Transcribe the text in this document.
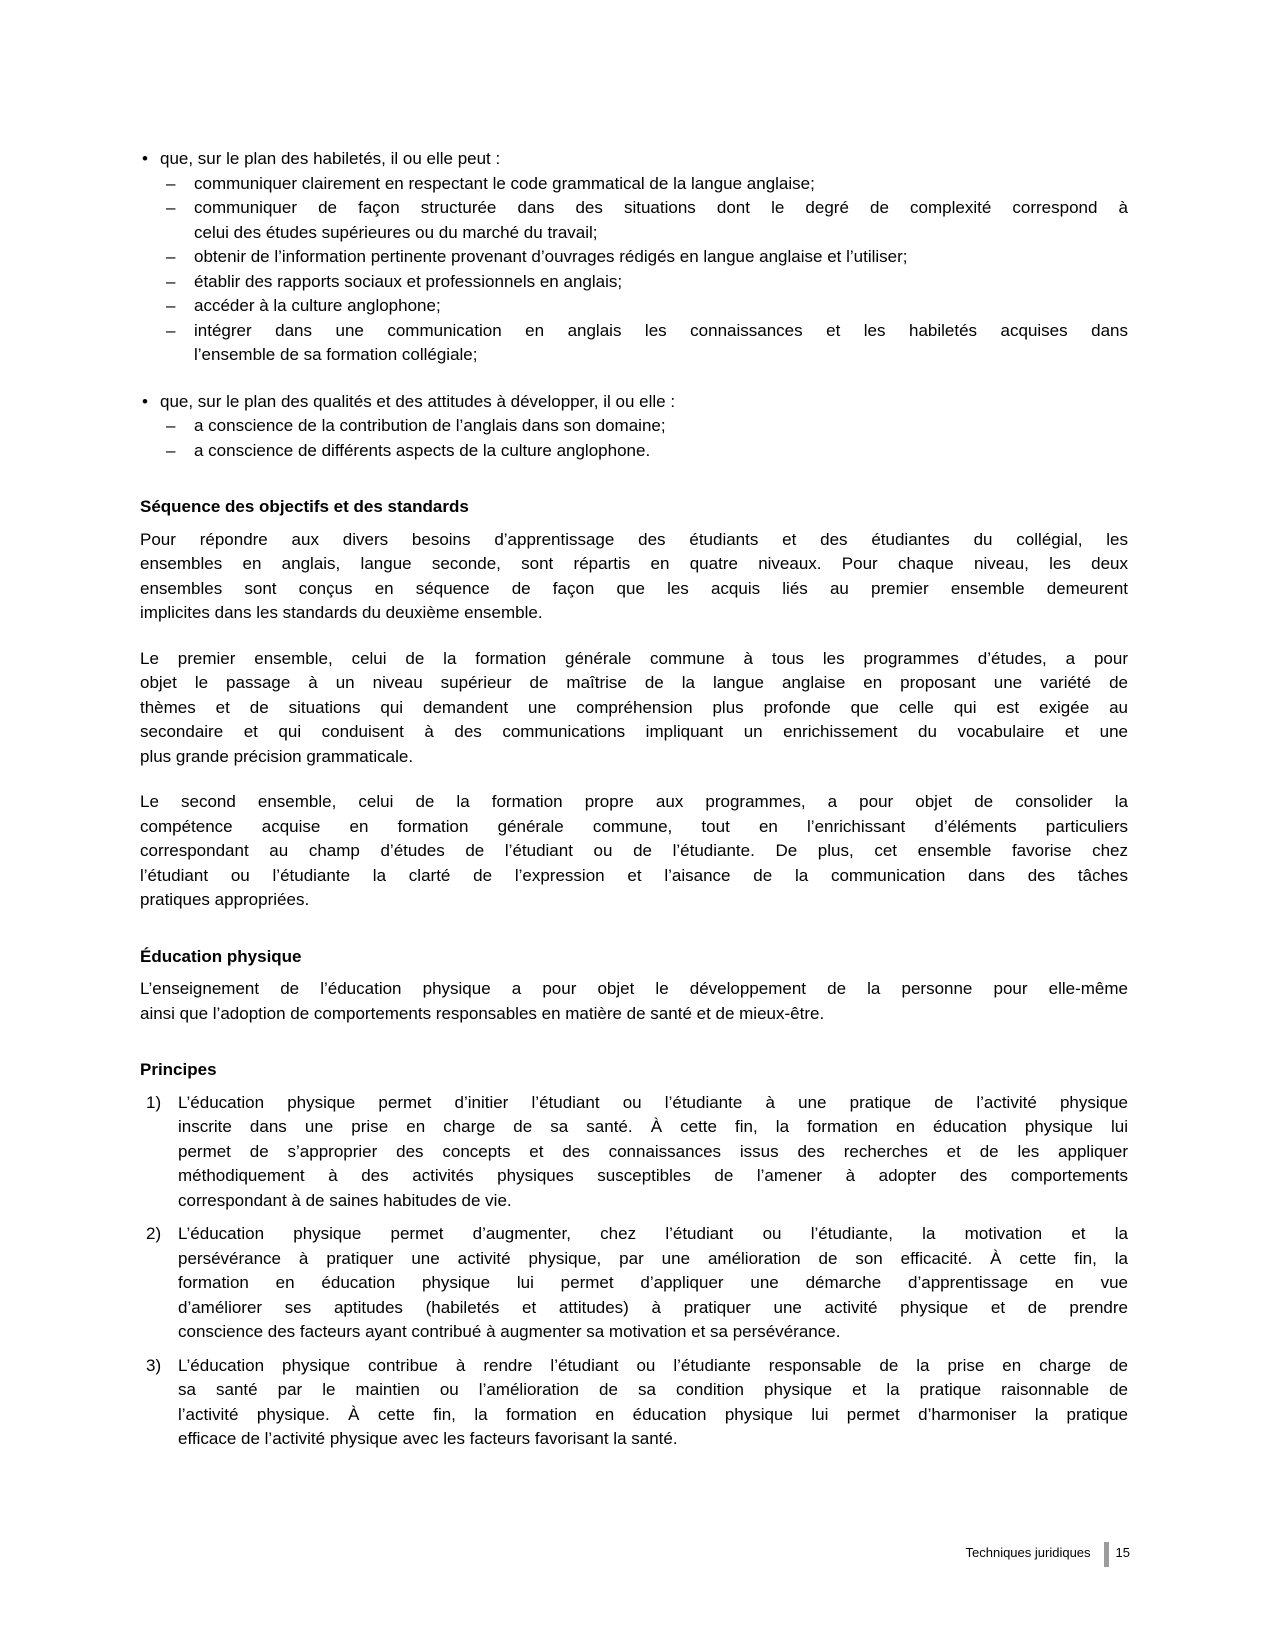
• que, sur le plan des habiletés, il ou elle peut :
– communiquer clairement en respectant le code grammatical de la langue anglaise;
– communiquer de façon structurée dans des situations dont le degré de complexité correspond à
celui des études supérieures ou du marché du travail;
– obtenir de l’information pertinente provenant d’ouvrages rédigés en langue anglaise et l’utiliser;
– établir des rapports sociaux et professionnels en anglais;
– accéder à la culture anglophone;
– intégrer dans une communication en anglais les connaissances et les habiletés acquises dans
l’ensemble de sa formation collégiale;
• que, sur le plan des qualités et des attitudes à développer, il ou elle :
– a conscience de la contribution de l’anglais dans son domaine;
– a conscience de différents aspects de la culture anglophone.
Séquence des objectifs et des standards
Pour répondre aux divers besoins d’apprentissage des étudiants et des étudiantes du collégial, les
ensembles en anglais, langue seconde, sont répartis en quatre niveaux. Pour chaque niveau, les deux
ensembles sont conçus en séquence de façon que les acquis liés au premier ensemble demeurent
implicites dans les standards du deuxième ensemble.
Le premier ensemble, celui de la formation générale commune à tous les programmes d’études, a pour
objet le passage à un niveau supérieur de maîtrise de la langue anglaise en proposant une variété de
thèmes et de situations qui demandent une compréhension plus profonde que celle qui est exigée au
secondaire et qui conduisent à des communications impliquant un enrichissement du vocabulaire et une
plus grande précision grammaticale.
Le second ensemble, celui de la formation propre aux programmes, a pour objet de consolider la
compétence acquise en formation générale commune, tout en l’enrichissant d’éléments particuliers
correspondant au champ d’études de l’étudiant ou de l’étudiante. De plus, cet ensemble favorise chez
l’étudiant ou l’étudiante la clarté de l’expression et l’aisance de la communication dans des tâches
pratiques appropriées.
Éducation physique
L’enseignement de l’éducation physique a pour objet le développement de la personne pour elle-même
ainsi que l’adoption de comportements responsables en matière de santé et de mieux-être.
Principes
1) L’éducation physique permet d’initier l’étudiant ou l’étudiante à une pratique de l’activité physique
inscrite dans une prise en charge de sa santé. À cette fin, la formation en éducation physique lui
permet de s’approprier des concepts et des connaissances issus des recherches et de les appliquer
méthodiquement à des activités physiques susceptibles de l’amener à adopter des comportements
correspondant à de saines habitudes de vie.
2) L’éducation physique permet d’augmenter, chez l’étudiant ou l’étudiante, la motivation et la
persévérance à pratiquer une activité physique, par une amélioration de son efficacité. À cette fin, la
formation en éducation physique lui permet d’appliquer une démarche d’apprentissage en vue
d’améliorer ses aptitudes (habiletés et attitudes) à pratiquer une activité physique et de prendre
conscience des facteurs ayant contribué à augmenter sa motivation et sa persévérance.
3) L’éducation physique contribue à rendre l’étudiant ou l’étudiante responsable de la prise en charge de
sa santé par le maintien ou l’amélioration de sa condition physique et la pratique raisonnable de
l’activité physique. À cette fin, la formation en éducation physique lui permet d’harmoniser la pratique
efficace de l’activité physique avec les facteurs favorisant la santé.
Techniques juridiques 15
